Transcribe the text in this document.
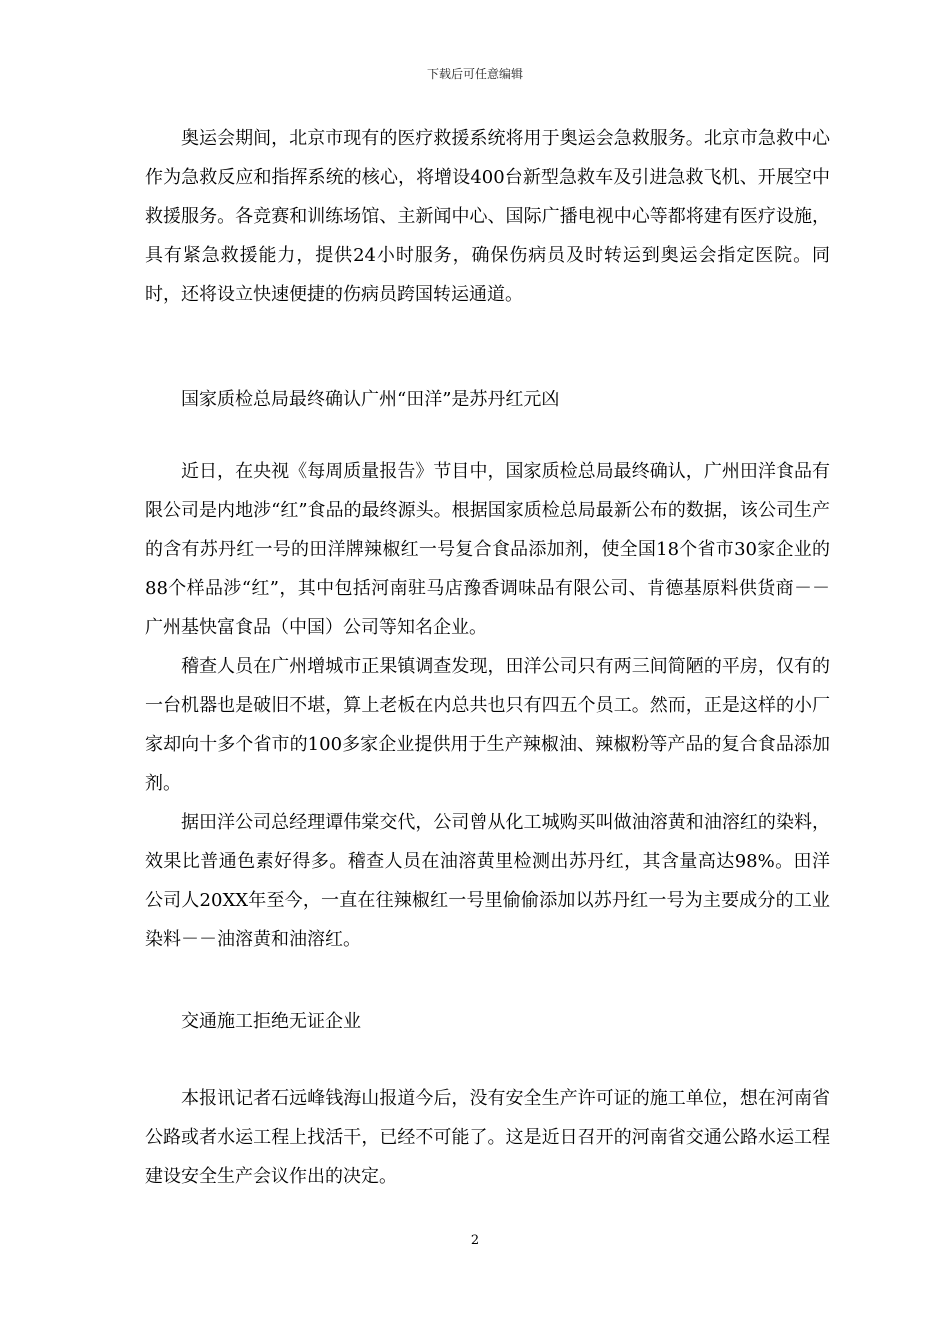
下载后可任意编辑

奥运会期间，北京市现有的医疗救援系统将用于奥运会急救服务。北京市急救中心作为急救反应和指挥系统的核心，将增设400台新型急救车及引进急救飞机、开展空中救援服务。各竞赛和训练场馆、主新闻中心、国际广播电视中心等都将建有医疗设施，具有紧急救援能力，提供24小时服务，确保伤病员及时转运到奥运会指定医院。同时，还将设立快速便捷的伤病员跨国转运通道。

国家质检总局最终确认广州“田洋”是苏丹红元凶

近日，在央视《每周质量报告》节目中，国家质检总局最终确认，广州田洋食品有限公司是内地涉“红”食品的最终源头。根据国家质检总局最新公布的数据，该公司生产的含有苏丹红一号的田洋牌辣椒红一号复合食品添加剂，使全国18个省市30家企业的88个样品涉“红”，其中包括河南驻马店豫香调味品有限公司、肯德基原料供货商－－广州基快富食品（中国）公司等知名企业。

稽查人员在广州增城市正果镇调查发现，田洋公司只有两三间简陋的平房，仅有的一台机器也是破旧不堪，算上老板在内总共也只有四五个员工。然而，正是这样的小厂家却向十多个省市的100多家企业提供用于生产辣椒油、辣椒粉等产品的复合食品添加剂。

据田洋公司总经理谭伟棠交代，公司曾从化工城购买叫做油溶黄和油溶红的染料，效果比普通色素好得多。稽查人员在油溶黄里检测出苏丹红，其含量高达98%。田洋公司人20XX年至今，一直在往辣椒红一号里偷偷添加以苏丹红一号为主要成分的工业染料－－油溶黄和油溶红。

交通施工拒绝无证企业

本报讯记者石远峰钱海山报道今后，没有安全生产许可证的施工单位，想在河南省公路或者水运工程上找活干，已经不可能了。这是近日召开的河南省交通公路水运工程建设安全生产会议作出的决定。

2
